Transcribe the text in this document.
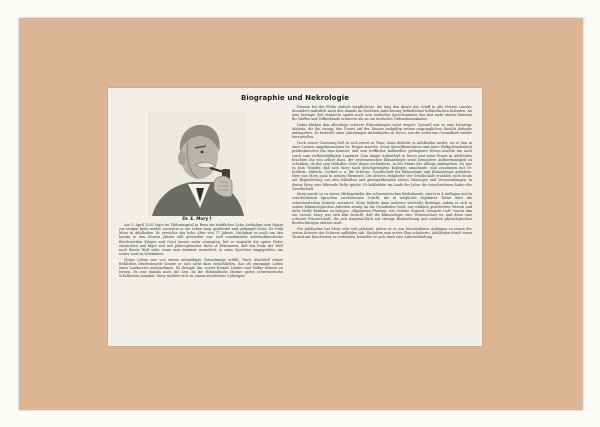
Biographie und Nekrologie
Dr. E. Mory †

Am 5. April 1933 legte im Viktoriaspital in Bern ein stiefiliches Schn Asekulaps sein Haupt zur ewigen Ruhe nieder, nachdem er ein Leben lang gearbeitet und gekämpft hatte: Dr. Emil Mory in Adelboden. Er erreichte das hohe Alter von 77 Jahren. Nachdem es auch um den herum in den letzten Jahren still geworden war, und zunehmende arteriosklerotische Beschwerden Körper und Geist immer mehr einengten, lief er majestät die spitze Feder entrinchen und fügte sich mit philosophischer Ruhe of Erkenntnis, daß das Ende der Welt nach dieser Welt naht, wenn man dereinst vernichtet, in seine Speichen eingegreifen, um seiner Lauf zu bestimmen.

Morys Leben war von einem unbändigen Tatendrange erfüllt. Nach Abschluß seiner fröhlichen Studentenzeit konnte er sich nicht dazu entschließen, das oft einsinnige Leben eines Landarztes aufzunehmen. Es drängte ihn, zuerst fremde Länder und Völker kennen zu lernen. Es war damals noch die Zeit, da die Holländische Marine gerne schweizerische Schiffsärzte annahm. Mory meldete sich zu einem mindestens 5-jährigen

Dienste bei der Flotte einfach verpflichtete, die lang den dienst das Schiff in alle Herren Länder, besonders natürlich nach den damals im höchsten Aufschwung befindlichen holländischen Kolonien. An jene bewegte Zeit erinnerte später noch sein ärztliches Sprechzimmer, das fast mehr einem Museum für Waffen und Völkerkunde erinnerte als an ein ärztliches Ordinationszimmer.

Dabei blieben ihm allerdings schwere Erkrankungen nicht erspart. Speziell war es eine bösartige Malaria, die ihn zwang, den Dienst auf der Marine endgültig seinen nugrunglichen Absicht definitiv aufzugeben. Es bedurfte einer jahrelangen Aufenthaltes in Davos, um die verlorene Gesundheit wieder herzustellen.

Noch seiner Genesung ließ er sich zuerst in Thun, dann definitiv in Adelboden nieder, wo er den in einer Lawine umgekommenen Dr. Hegen ersetzte. Seine Sprechkenntnisse und seine Weltgebundenheit prädestinierten ihn zum Kurarzt, und sein trefflicher kultureller, gediegenes Wesen machte ihn auch rasch zum vielbeschäftigten Landarzt. Sein langer Aufenthalt in Davos und seine Praxis in Adelboden brachten ihn von selber dazu, der systematischen Klimatologie seine besondere Aufmerksamkeit zu schenken, da ihn sein lebhafter Geist daran verhinderte, in der Praxis des Alltags aufzugehen. Da war es kein Wunder, daß sich Mory nach gleichgesinnten Kollegen umschaute, und zusammen mit Dr. Kollwitz, Mülerle, Cottlett u. a. die Schweiz. Gesellschaft für Balneologie und Klimatologie gründete. Hier war Mory ganz in seinem Elemente. Die älteren Mitglieder der Gesellschaft erzählen noch heute mit Begeisterung von den lebhaften und geistsprühenden ersten Sitzungen und Versammlungen, in denen Mory eine führende Rolle spielte. Er bekleidete im Laufe der Jahre die verschiedenen Ämter der Gesellschaft.

Mory wurde so zu einem Mitbegründer der schweizerischen Bäderkunde, zuerst in 4 Auflagen und in verschiedenen Sprachen erschienenen Schrift, die in möglichst objektiver Weise über die schweizerischen Kurorte orientiert. Mory lieferte dann mehrere wertvolle Beiträge, indem er sich in seinen klimatologischen Arbeiten streng an die Grundsätze hielt, nur wirklich gesicherten Wissen und nicht bloße Reklame zu bringen. Allgemeine Phrasen, wie Schöne Gegend, Gesunde Luft" waren ihm ein Greuel. Mory war sich klar bewußt, daß die Klimatologie eine Wissenschaft ist, und dann eine schwere Wissenschaft, die sich hauptsächlich auf strenge Beobachtung und exakten physiologischen Beobachtungen stützen muß.

Für Adelboden hat Mory sehr viel geleistet, indem er es aus bescheidenen Anfängen zu einem der ersten Kurorte der Schweiz aufbilden sah. Nachdem sein erster Plan scheiterte, Adelboden durch einen Tunnel mit Kandersteg zu verbinden, bemühte er sich stark eine Autoverbindung
